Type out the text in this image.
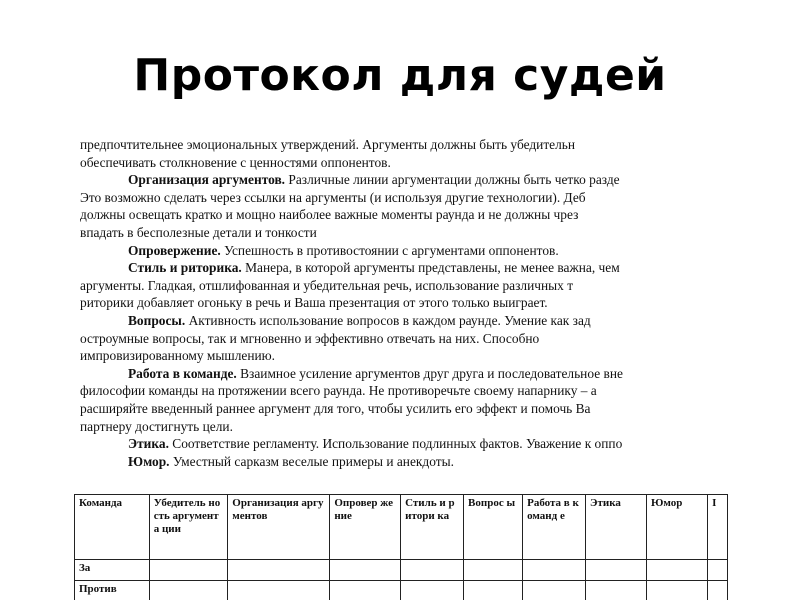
Протокол для судей

предпочтительнее эмоциональных утверждений. Аргументы должны быть убедительн

обеспечивать столкновение с ценностями оппонентов.

Организация аргументов. Различные линии аргументации должны быть четко разде

Это возможно сделать через ссылки на аргументы (и используя другие технологии). Деб

должны освещать кратко и мощно наиболее важные моменты раунда и не должны чрез

впадать в бесполезные детали и тонкости

Опровержение. Успешность в противостоянии с аргументами оппонентов.

Стиль и риторика. Манера, в которой аргументы представлены, не менее важна, чем

аргументы. Гладкая, отшлифованная и убедительная речь, использование различных т

риторики добавляет огоньку в речь и Ваша презентация от этого только выиграет.

Вопросы. Активность использование вопросов в каждом раунде. Умение как зад

остроумные вопросы, так и мгновенно и эффективно отвечать на них. Способно

импровизированному мышлению.

Работа в команде. Взаимное усиление аргументов друг друга и последовательное вне

философии команды на протяжении всего раунда. Не противоречьте своему напарнику – а

расширяйте введенный раннее аргумент для того, чтобы усилить его эффект и помочь Ва

партнеру достигнуть цели.

Этика. Соответствие регламенту. Использование подлинных фактов. Уважение к оппо

Юмор. Уместный сарказм веселые примеры и анекдоты.

Команда	Убедитель ность аргумента ции	Организация аргументов	Опровер жение	Стиль и ритори ка	Вопрос ы	Работа в команд е	Этика	Юмор	I
За									
Против									
